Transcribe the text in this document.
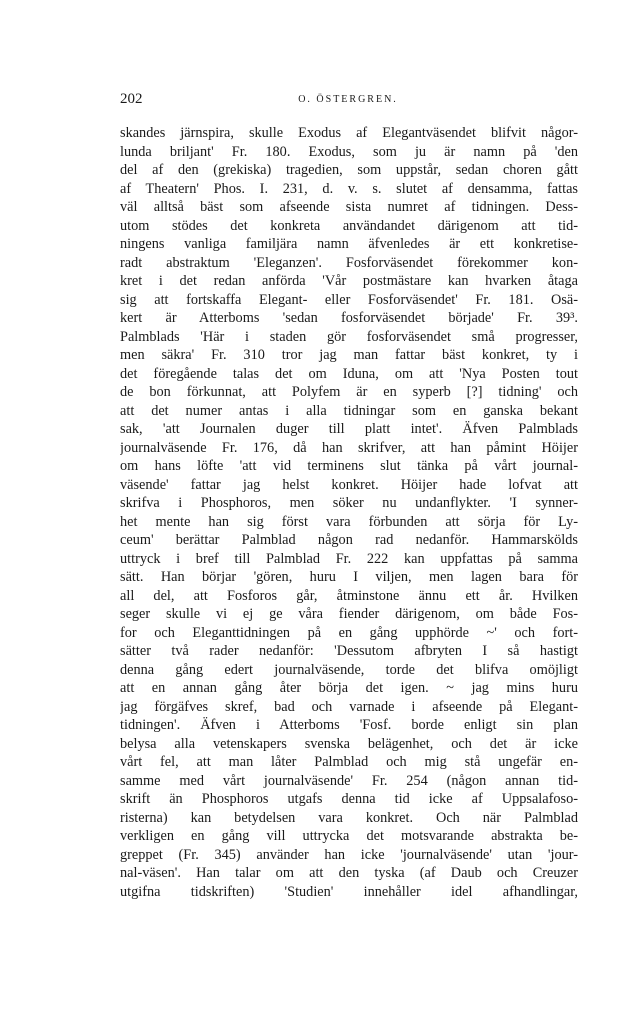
202	O. ÖSTERGREN.
skandes järnspira, skulle Exodus af Elegantväsendet blifvit någor-
lunda briljant' Fr. 180. Exodus, som ju är namn på 'den
del af den (grekiska) tragedien, som uppstår, sedan choren gått
af Theatern' Phos. I. 231, d. v. s. slutet af densamma, fattas
väl alltså bäst som afseende sista numret af tidningen. Dess-
utom stödes det konkreta användandet därigenom att tid-
ningens vanliga familjära namn äfvenledes är ett konkretise-
radt abstraktum 'Eleganzen'. Fosforväsendet förekommer kon-
kret i det redan anförda 'Vår postmästare kan hvarken åtaga
sig att fortskaffa Elegant- eller Fosforväsendet' Fr. 181. Osä-
kert är Atterboms 'sedan fosforväsendet började' Fr. 39³.
Palmblads 'Här i staden gör fosforväsendet små progresser,
men säkra' Fr. 310 tror jag man fattar bäst konkret, ty i
det föregående talas det om Iduna, om att 'Nya Posten tout
de bon förkunnat, att Polyfem är en syperb [?] tidning' och
att det numer antas i alla tidningar som en ganska bekant
sak, 'att Journalen duger till platt intet'. Äfven Palmblads
journalväsende Fr. 176, då han skrifver, att han påmint Höijer
om hans löfte 'att vid terminens slut tänka på vårt journal-
väsende' fattar jag helst konkret. Höijer hade lofvat att
skrifva i Phosphoros, men söker nu undanflykter. 'I synner-
het mente han sig först vara förbunden att sörja för Ly-
ceum' berättar Palmblad någon rad nedanför. Hammarskölds
uttryck i bref till Palmblad Fr. 222 kan uppfattas på samma
sätt. Han börjar 'gören, huru I viljen, men lagen bara för
all del, att Fosforos går, åtminstone ännu ett år. Hvilken
seger skulle vi ej ge våra fiender därigenom, om både Fos-
for och Eleganttidningen på en gång upphörde ~' och fort-
sätter två rader nedanför: 'Dessutom afbryten I så hastigt
denna gång edert journalväsende, torde det blifva omöjligt
att en annan gång åter börja det igen. ~ jag mins huru
jag förgäfves skref, bad och varnade i afseende på Elegant-
tidningen'. Äfven i Atterboms 'Fosf. borde enligt sin plan
belysa alla vetenskapers svenska belägenhet, och det är icke
vårt fel, att man låter Palmblad och mig stå ungefär en-
samme med vårt journalväsende' Fr. 254 (någon annan tid-
skrift än Phosphoros utgafs denna tid icke af Uppsalafoso-
risterna) kan betydelsen vara konkret. Och när Palmblad
verkligen en gång vill uttrycka det motsvarande abstrakta be-
greppet (Fr. 345) använder han icke 'journalväsende' utan 'jour-
nal-väsen'. Han talar om att den tyska (af Daub och Creuzer
utgifna tidskriften) 'Studien' innehåller idel afhandlingar,
